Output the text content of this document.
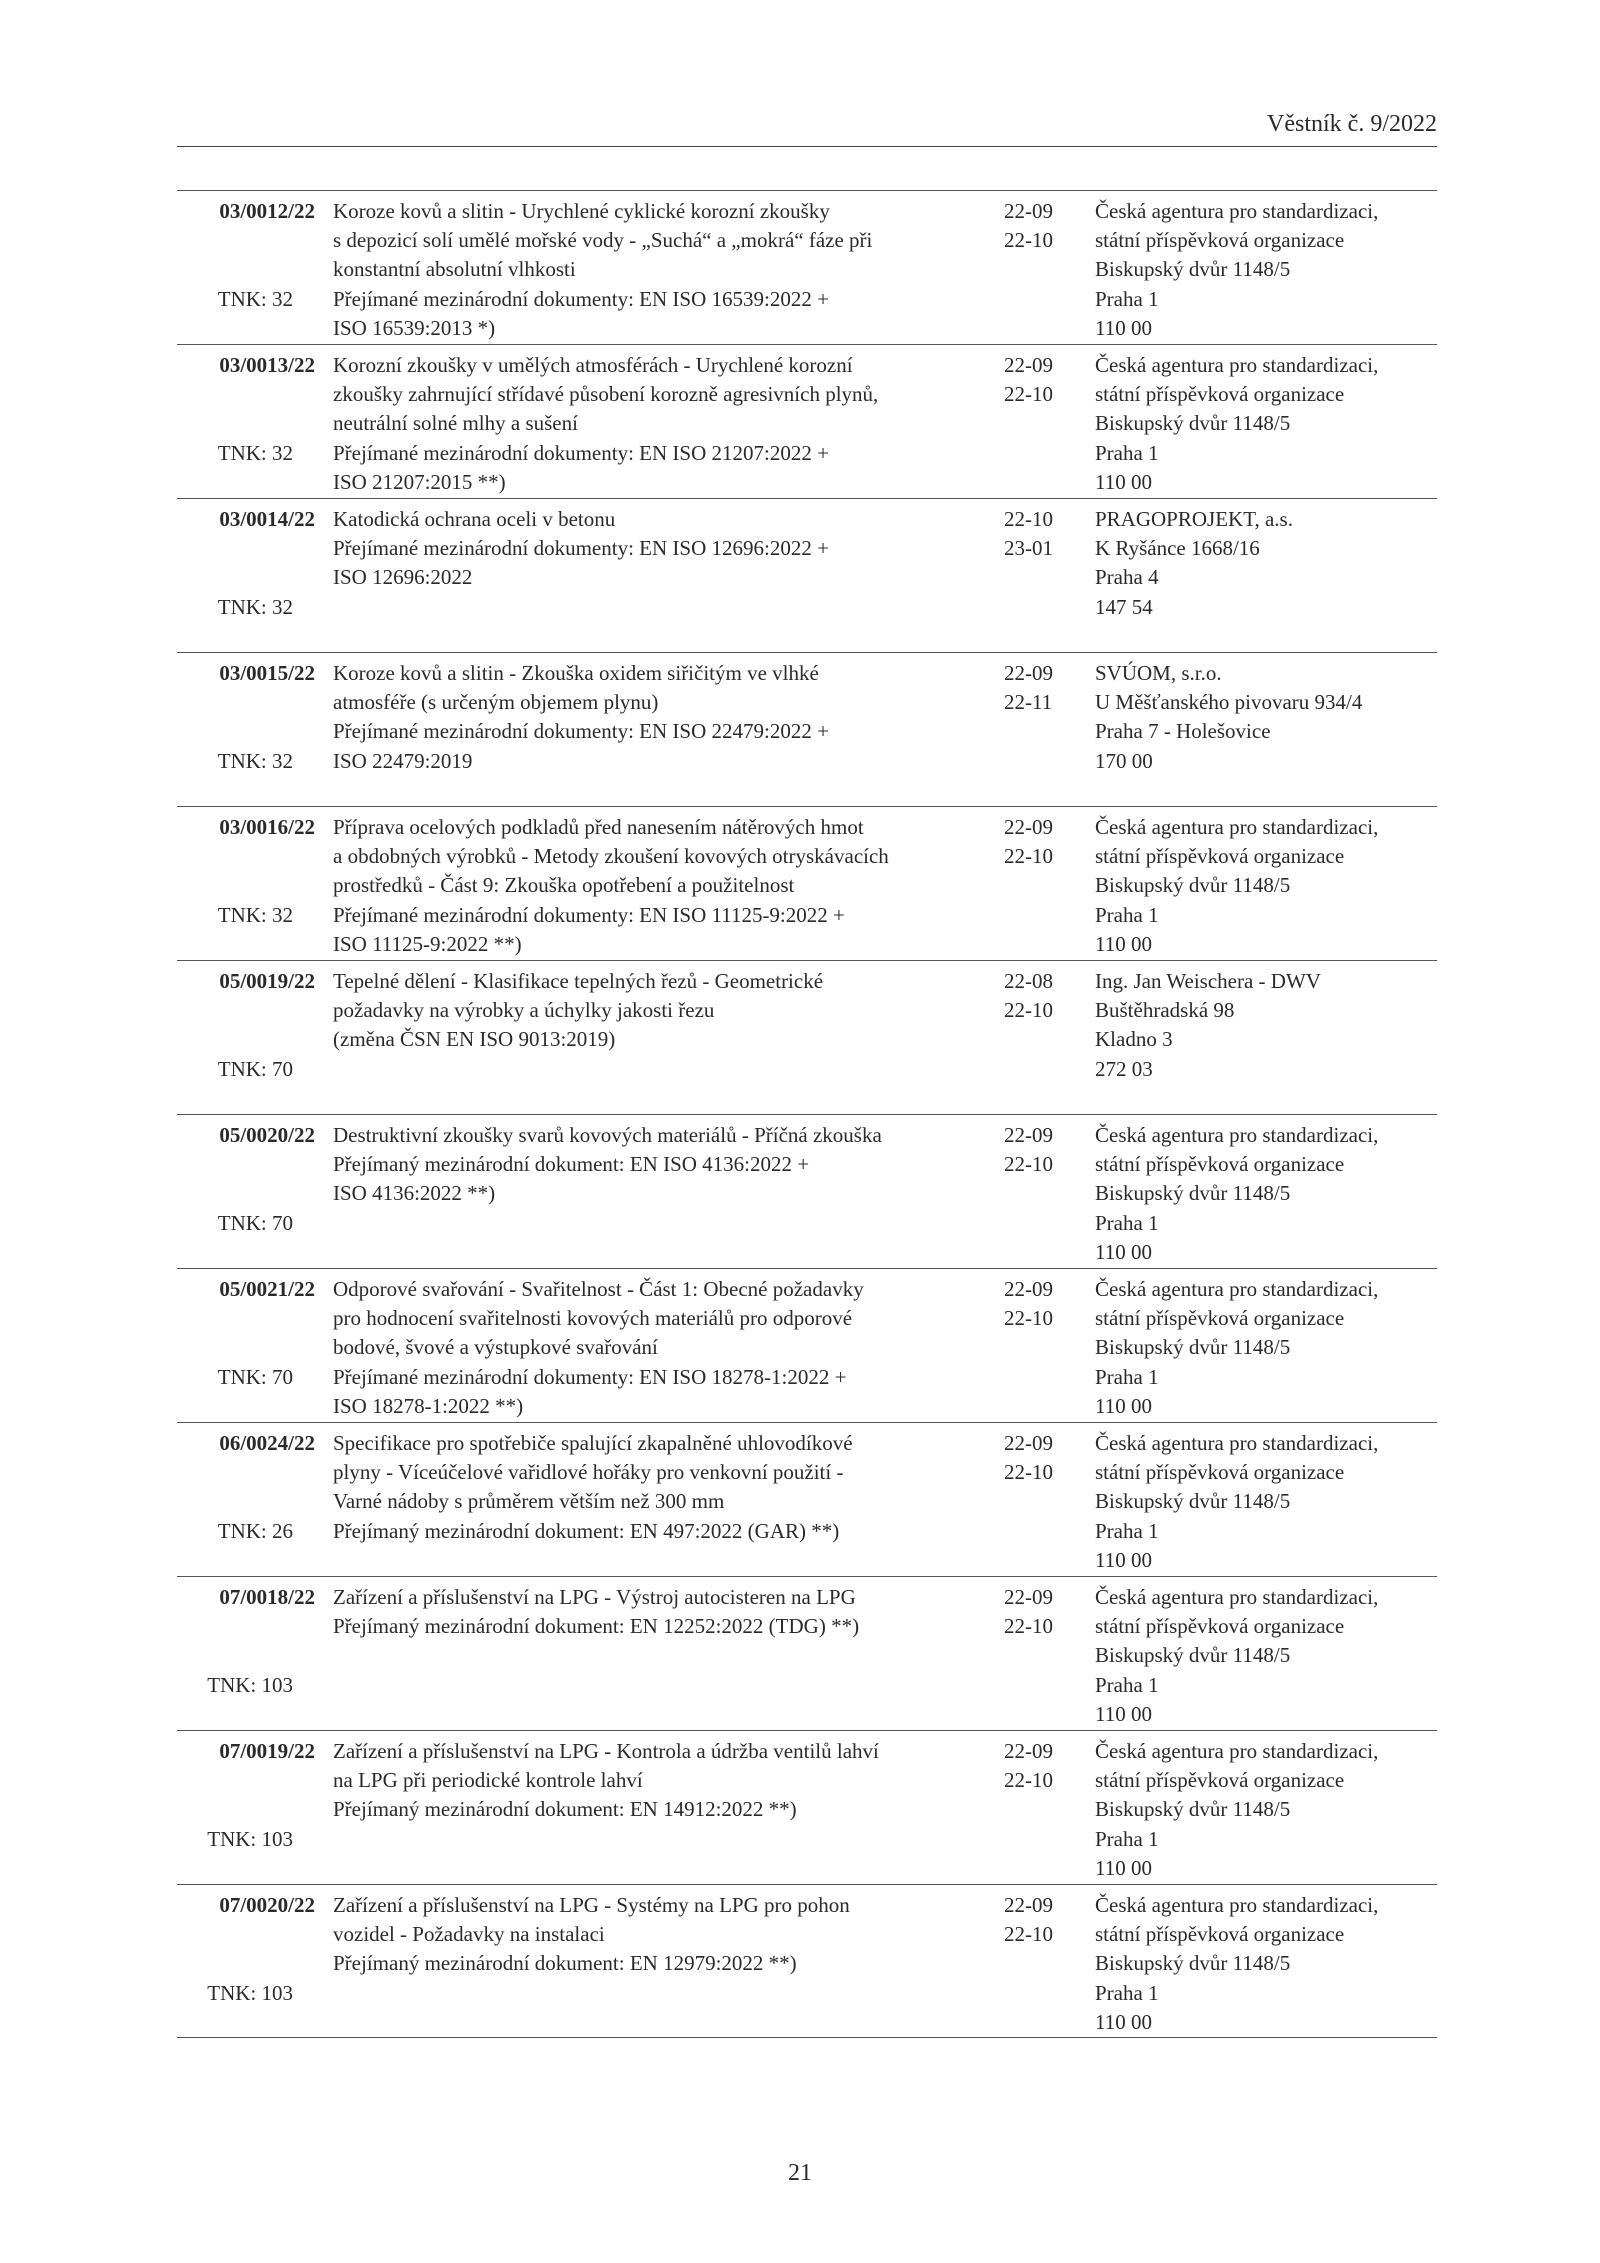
Věstník č. 9/2022
03/0012/22
TNK: 32
Koroze kovů a slitin - Urychlené cyklické korozní zkoušky
s depozicí solí umělé mořské vody - „Suchá“ a „mokrá“ fáze při
konstantní absolutní vlhkosti
Přejímané mezinárodní dokumenty: EN ISO 16539:2022 +
ISO 16539:2013 *)
22-09
22-10
Česká agentura pro standardizaci,
státní příspěvková organizace
Biskupský dvůr 1148/5
Praha 1
110 00
03/0013/22
TNK: 32
Korozní zkoušky v umělých atmosférách - Urychlené korozní
zkoušky zahrnující střídavé působení korozně agresivních plynů,
neutrální solné mlhy a sušení
Přejímané mezinárodní dokumenty: EN ISO 21207:2022 +
ISO 21207:2015 **)
22-09
22-10
Česká agentura pro standardizaci,
státní příspěvková organizace
Biskupský dvůr 1148/5
Praha 1
110 00
03/0014/22
TNK: 32
Katodická ochrana oceli v betonu
Přejímané mezinárodní dokumenty: EN ISO 12696:2022 +
ISO 12696:2022
22-10
23-01
PRAGOPROJEKT, a.s.
K Ryšánce 1668/16
Praha 4
147 54
03/0015/22
TNK: 32
Koroze kovů a slitin - Zkouška oxidem siřičitým ve vlhké
atmosféře (s určeným objemem plynu)
Přejímané mezinárodní dokumenty: EN ISO 22479:2022 +
ISO 22479:2019
22-09
22-11
SVÚOM, s.r.o.
U Měšťanského pivovaru 934/4
Praha 7 - Holešovice
170 00
03/0016/22
TNK: 32
Příprava ocelových podkladů před nanesením nátěrových hmot
a obdobných výrobků - Metody zkoušení kovových otryskávacích
prostředků - Část 9: Zkouška opotřebení a použitelnost
Přejímané mezinárodní dokumenty: EN ISO 11125-9:2022 +
ISO 11125-9:2022 **)
22-09
22-10
Česká agentura pro standardizaci,
státní příspěvková organizace
Biskupský dvůr 1148/5
Praha 1
110 00
05/0019/22
TNK: 70
Tepelné dělení - Klasifikace tepelných řezů - Geometrické
požadavky na výrobky a úchylky jakosti řezu
(změna ČSN EN ISO 9013:2019)
22-08
22-10
Ing. Jan Weischera - DWV
Buštěhradská 98
Kladno 3
272 03
05/0020/22
TNK: 70
Destruktivní zkoušky svarů kovových materiálů - Příčná zkouška
Přejímaný mezinárodní dokument: EN ISO 4136:2022 +
ISO 4136:2022 **)
22-09
22-10
Česká agentura pro standardizaci,
státní příspěvková organizace
Biskupský dvůr 1148/5
Praha 1
110 00
05/0021/22
TNK: 70
Odporové svařování - Svařitelnost - Část 1: Obecné požadavky
pro hodnocení svařitelnosti kovových materiálů pro odporové
bodové, švové a výstupkové svařování
Přejímané mezinárodní dokumenty: EN ISO 18278-1:2022 +
ISO 18278-1:2022 **)
22-09
22-10
Česká agentura pro standardizaci,
státní příspěvková organizace
Biskupský dvůr 1148/5
Praha 1
110 00
06/0024/22
TNK: 26
Specifikace pro spotřebiče spalující zkapalněné uhlovodíkové
plyny - Víceúčelové vařidlové hořáky pro venkovní použití -
Varné nádoby s průměrem větším než 300 mm
Přejímaný mezinárodní dokument: EN 497:2022 (GAR) **)
22-09
22-10
Česká agentura pro standardizaci,
státní příspěvková organizace
Biskupský dvůr 1148/5
Praha 1
110 00
07/0018/22
TNK: 103
Zařízení a příslušenství na LPG - Výstroj autocisteren na LPG
Přejímaný mezinárodní dokument: EN 12252:2022 (TDG) **)
22-09
22-10
Česká agentura pro standardizaci,
státní příspěvková organizace
Biskupský dvůr 1148/5
Praha 1
110 00
07/0019/22
TNK: 103
Zařízení a příslušenství na LPG - Kontrola a údržba ventilů lahví
na LPG při periodické kontrole lahví
Přejímaný mezinárodní dokument: EN 14912:2022 **)
22-09
22-10
Česká agentura pro standardizaci,
státní příspěvková organizace
Biskupský dvůr 1148/5
Praha 1
110 00
07/0020/22
TNK: 103
Zařízení a příslušenství na LPG - Systémy na LPG pro pohon
vozidel - Požadavky na instalaci
Přejímaný mezinárodní dokument: EN 12979:2022 **)
22-09
22-10
Česká agentura pro standardizaci,
státní příspěvková organizace
Biskupský dvůr 1148/5
Praha 1
110 00
21
